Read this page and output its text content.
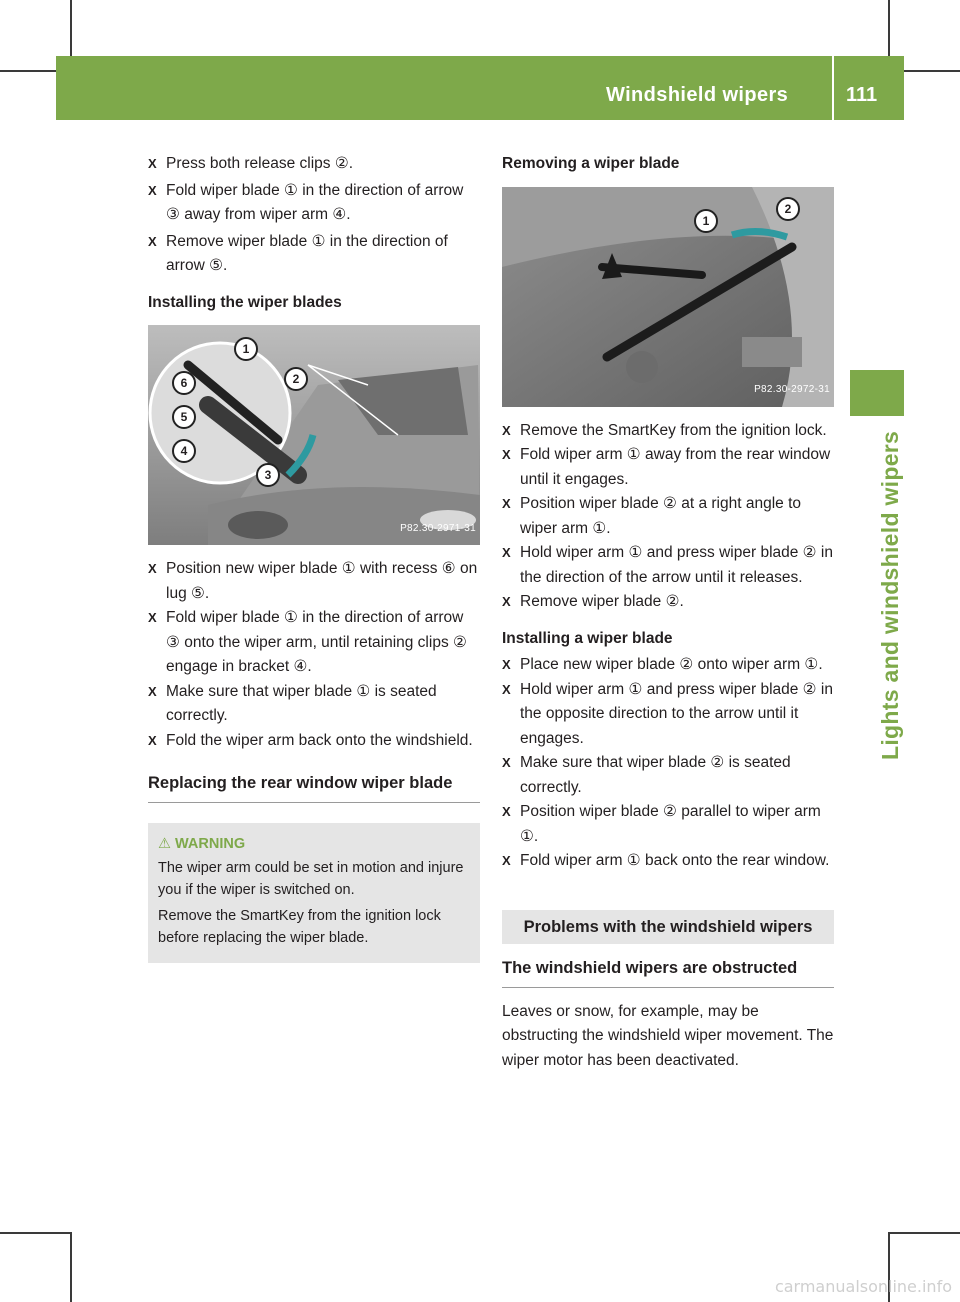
Windshield wipers	111
Lights and windshield wipers
X Press both release clips ②.
X Fold wiper blade ① in the direction of arrow ③ away from wiper arm ④.
X Remove wiper blade ① in the direction of arrow ⑤.
Installing the wiper blades
1
2
3
4
5
6
P82.30-2971-31
X Position new wiper blade ① with recess ⑥ on lug ⑤.
X Fold wiper blade ① in the direction of arrow ③ onto the wiper arm, until retaining clips ② engage in bracket ④.
X Make sure that wiper blade ① is seated correctly.
X Fold the wiper arm back onto the windshield.
Replacing the rear window wiper blade
⚠ WARNING

The wiper arm could be set in motion and injure you if the wiper is switched on.

Remove the SmartKey from the ignition lock before replacing the wiper blade.

Removing a wiper blade
1
2
P82.30-2972-31
X Remove the SmartKey from the ignition lock.
X Fold wiper arm ① away from the rear window until it engages.
X Position wiper blade ② at a right angle to wiper arm ①.
X Hold wiper arm ① and press wiper blade ② in the direction of the arrow until it releases.
X Remove wiper blade ②.
Installing a wiper blade
X Place new wiper blade ② onto wiper arm ①.
X Hold wiper arm ① and press wiper blade ② in the opposite direction to the arrow until it engages.
X Make sure that wiper blade ② is seated correctly.
X Position wiper blade ② parallel to wiper arm ①.
X Fold wiper arm ① back onto the rear window.
Problems with the windshield wipers
The windshield wipers are obstructed

Leaves or snow, for example, may be obstructing the windshield wiper movement. The wiper motor has been deactivated.

carmanualsonline.info
